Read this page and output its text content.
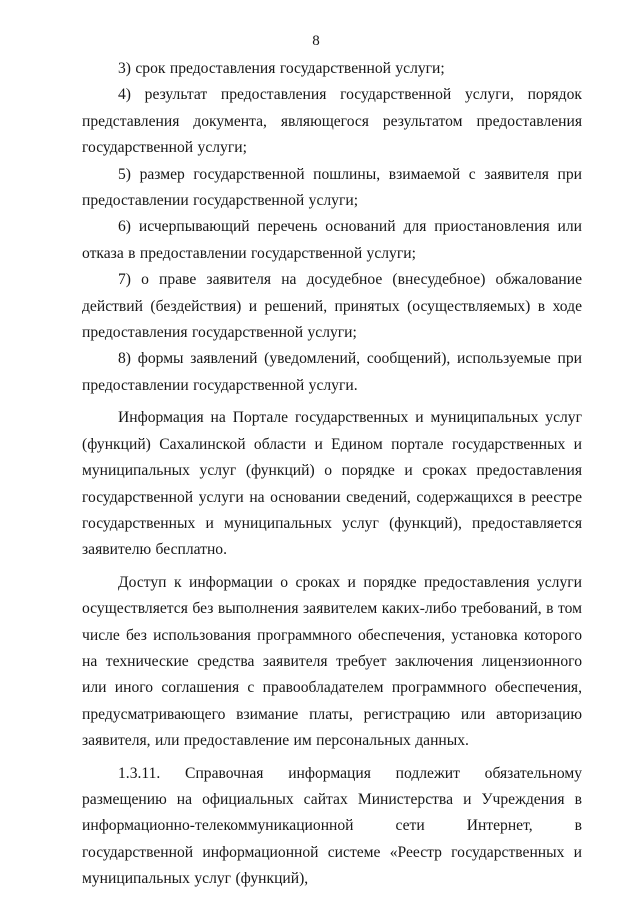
8

3) срок предоставления государственной услуги;

4) результат предоставления государственной услуги, порядок представления документа, являющегося результатом предоставления государственной услуги;

5) размер государственной пошлины, взимаемой с заявителя при предоставлении государственной услуги;

6) исчерпывающий перечень оснований для приостановления или отказа в предоставлении государственной услуги;

7) о праве заявителя на досудебное (внесудебное) обжалование действий (бездействия) и решений, принятых (осуществляемых) в ходе предоставления государственной услуги;

8) формы заявлений (уведомлений, сообщений), используемые при предоставлении государственной услуги.

Информация на Портале государственных и муниципальных услуг (функций) Сахалинской области и Едином портале государственных и муниципальных услуг (функций) о порядке и сроках предоставления государственной услуги на основании сведений, содержащихся в реестре государственных и муниципальных услуг (функций), предоставляется заявителю бесплатно.

Доступ к информации о сроках и порядке предоставления услуги осуществляется без выполнения заявителем каких-либо требований, в том числе без использования программного обеспечения, установка которого на технические средства заявителя требует заключения лицензионного или иного соглашения с правообладателем программного обеспечения, предусматривающего взимание платы, регистрацию или авторизацию заявителя, или предоставление им персональных данных.

1.3.11. Справочная информация подлежит обязательному размещению на официальных сайтах Министерства и Учреждения в информационно-телекоммуникационной сети Интернет, в государственной информационной системе «Реестр государственных и муниципальных услуг (функций),
